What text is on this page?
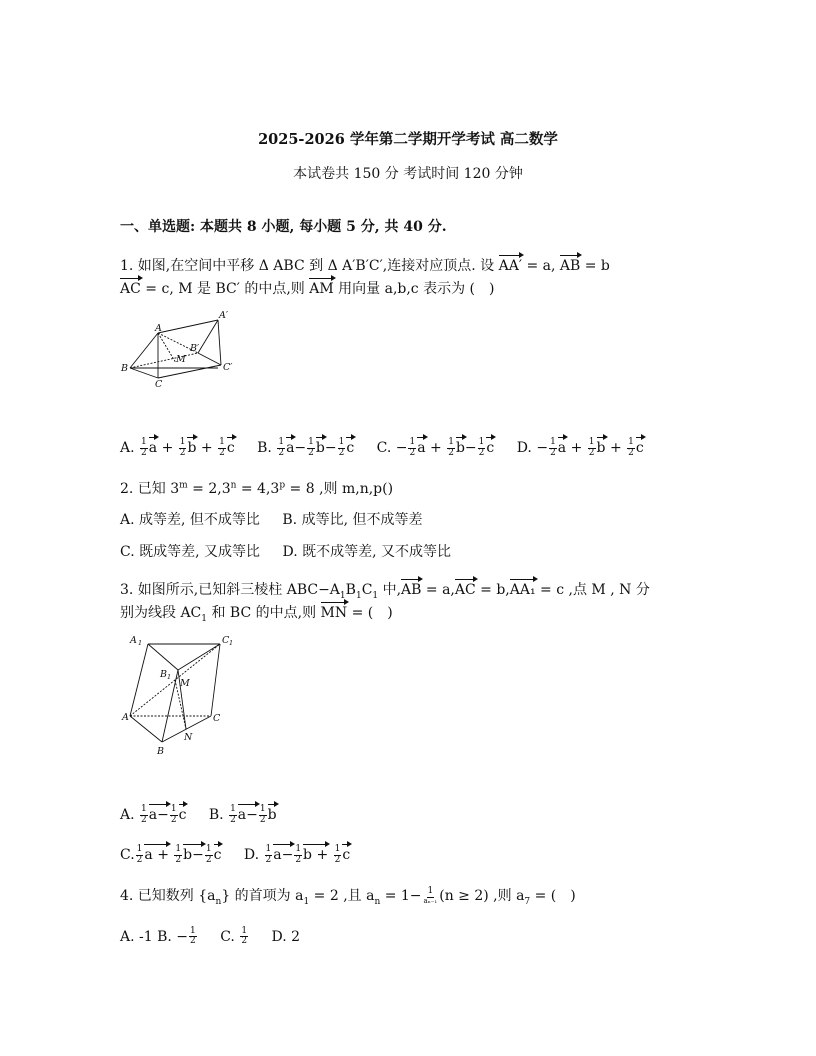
2025-2026 学年第二学期开学考试 高二数学
本试卷共 150 分 考试时间 120 分钟
一、单选题: 本题共 8 小题, 每小题 5 分, 共 40 分.
1. 如图,在空间中平移 Δ ABC 到 Δ A′B′C′,连接对应顶点. 设 AA′ = a, AB = b
AC = c, M 是 BC′ 的中点,则 AM 用向量 a,b,c 表示为 (　)
A
B
C
A′
B′
C′
M
A. $\frac{1}{2}$ $a + \frac{1}{2}$ $b + \frac{1}{2}$ c B. $\frac{1}{2} a- \frac{1}{2} b- \frac{1}{2}$ c C. − $\frac{1}{2}$ $a + \frac{1}{2} b- \frac{1}{2}$ c D. − $\frac{1}{2}$ $a + \frac{1}{2}$ $b + \frac{1}{2}$ c
2. 已知 $3^m = 2,3^n = 4,3^p = 8$ ,则 m,n,p()
A. 成等差, 但不成等比 B. 成等比, 但不成等差
C. 既成等差, 又成等比 D. 既不成等差, 又不成等比
3. 如图所示,已知斜三棱柱 $ABC-A_1B_1C_1$ 中,AB = a,AC = b,AA₁ = c ,点 M , N 分
别为线段 $AC_1$ 和 BC 的中点,则 MN = (　)
A 1	C 1
B 1
M
A	C
N
B
A. $\frac{1}{2} a- \frac{1}{2}$ c B. $\frac{1}{2} a- \frac{1}{2}$ b
C. $\frac{1}{2}$ $a + \frac{1}{2} b- \frac{1}{2}$ c D. $\frac{1}{2} a- \frac{1}{2}$ $b + \frac{1}{2}$ c
4. 已知数列 $\{a_n\}$ 的首项为 $a_1 = 2$ ,且 $a_n = 1- \frac{1}{\text{aₙ₋₁}} (n \ge 2)$ ,则 $a_7$ = (　)
A. -1 B. − $\frac{1}{2} C$. $\frac{1}{2} D$. 2
